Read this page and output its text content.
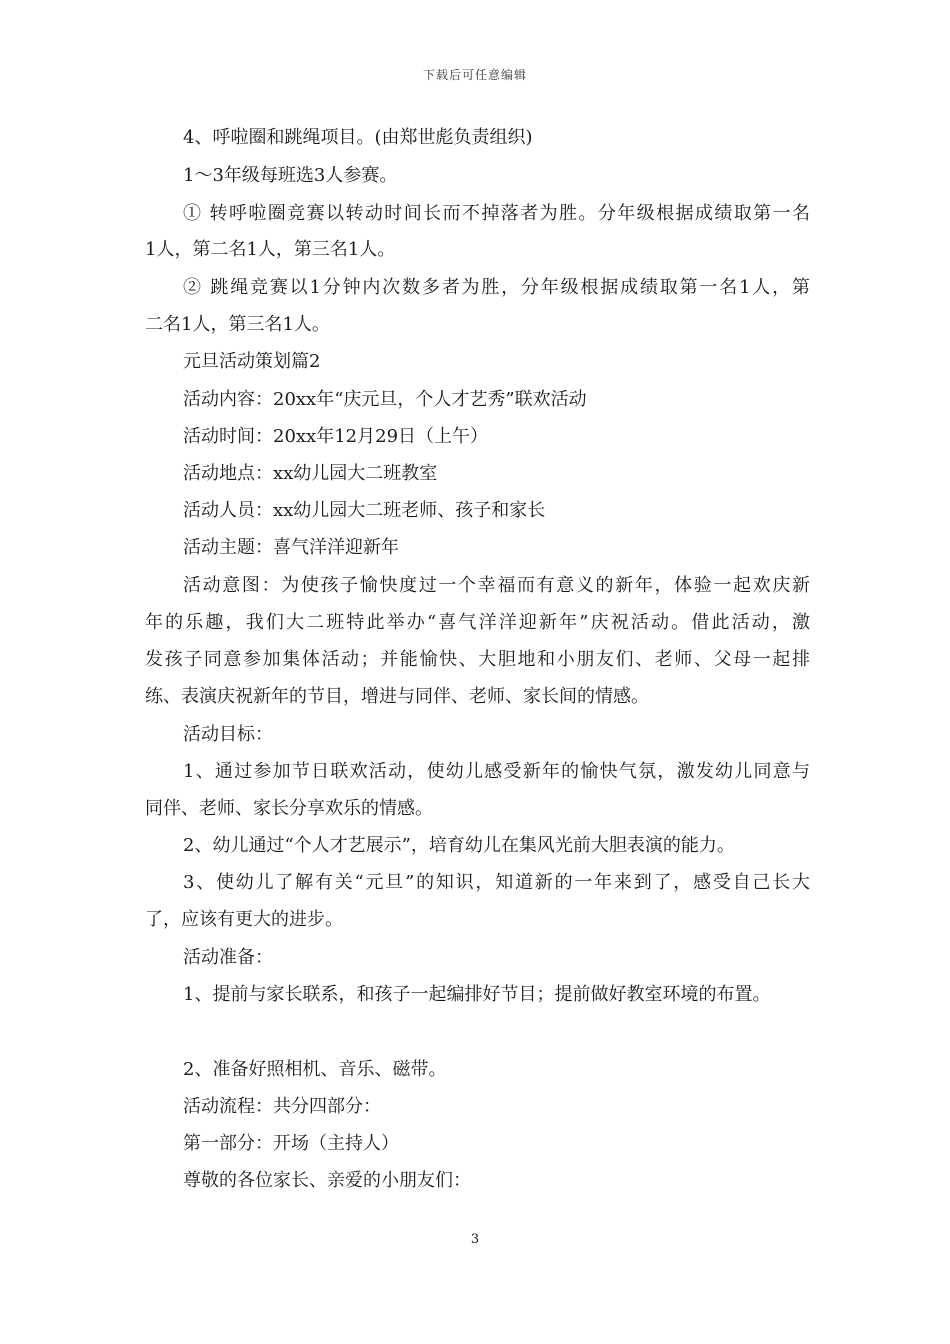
下载后可任意编辑
4、呼啦圈和跳绳项目。(由郑世彪负责组织)
1～3年级每班选3人参赛。
① 转呼啦圈竞赛以转动时间长而不掉落者为胜。分年级根据成绩取第一名
1人，第二名1人，第三名1人。
② 跳绳竞赛以1分钟内次数多者为胜，分年级根据成绩取第一名1人，第
二名1人，第三名1人。
元旦活动策划篇2
活动内容：20xx年“庆元旦，个人才艺秀”联欢活动
活动时间：20xx年12月29日（上午）
活动地点：xx幼儿园大二班教室
活动人员：xx幼儿园大二班老师、孩子和家长
活动主题：喜气洋洋迎新年
活动意图：为使孩子愉快度过一个幸福而有意义的新年，体验一起欢庆新
年的乐趣，我们大二班特此举办“喜气洋洋迎新年”庆祝活动。借此活动，激
发孩子同意参加集体活动；并能愉快、大胆地和小朋友们、老师、父母一起排
练、表演庆祝新年的节目，增进与同伴、老师、家长间的情感。
活动目标：
1、通过参加节日联欢活动，使幼儿感受新年的愉快气氛，激发幼儿同意与
同伴、老师、家长分享欢乐的情感。
2、幼儿通过“个人才艺展示”，培育幼儿在集风光前大胆表演的能力。
3、使幼儿了解有关“元旦”的知识，知道新的一年来到了，感受自己长大
了，应该有更大的进步。
活动准备：
1、提前与家长联系，和孩子一起编排好节目；提前做好教室环境的布置。
2、准备好照相机、音乐、磁带。
活动流程：共分四部分：
第一部分：开场（主持人）
尊敬的各位家长、亲爱的小朋友们：
3
